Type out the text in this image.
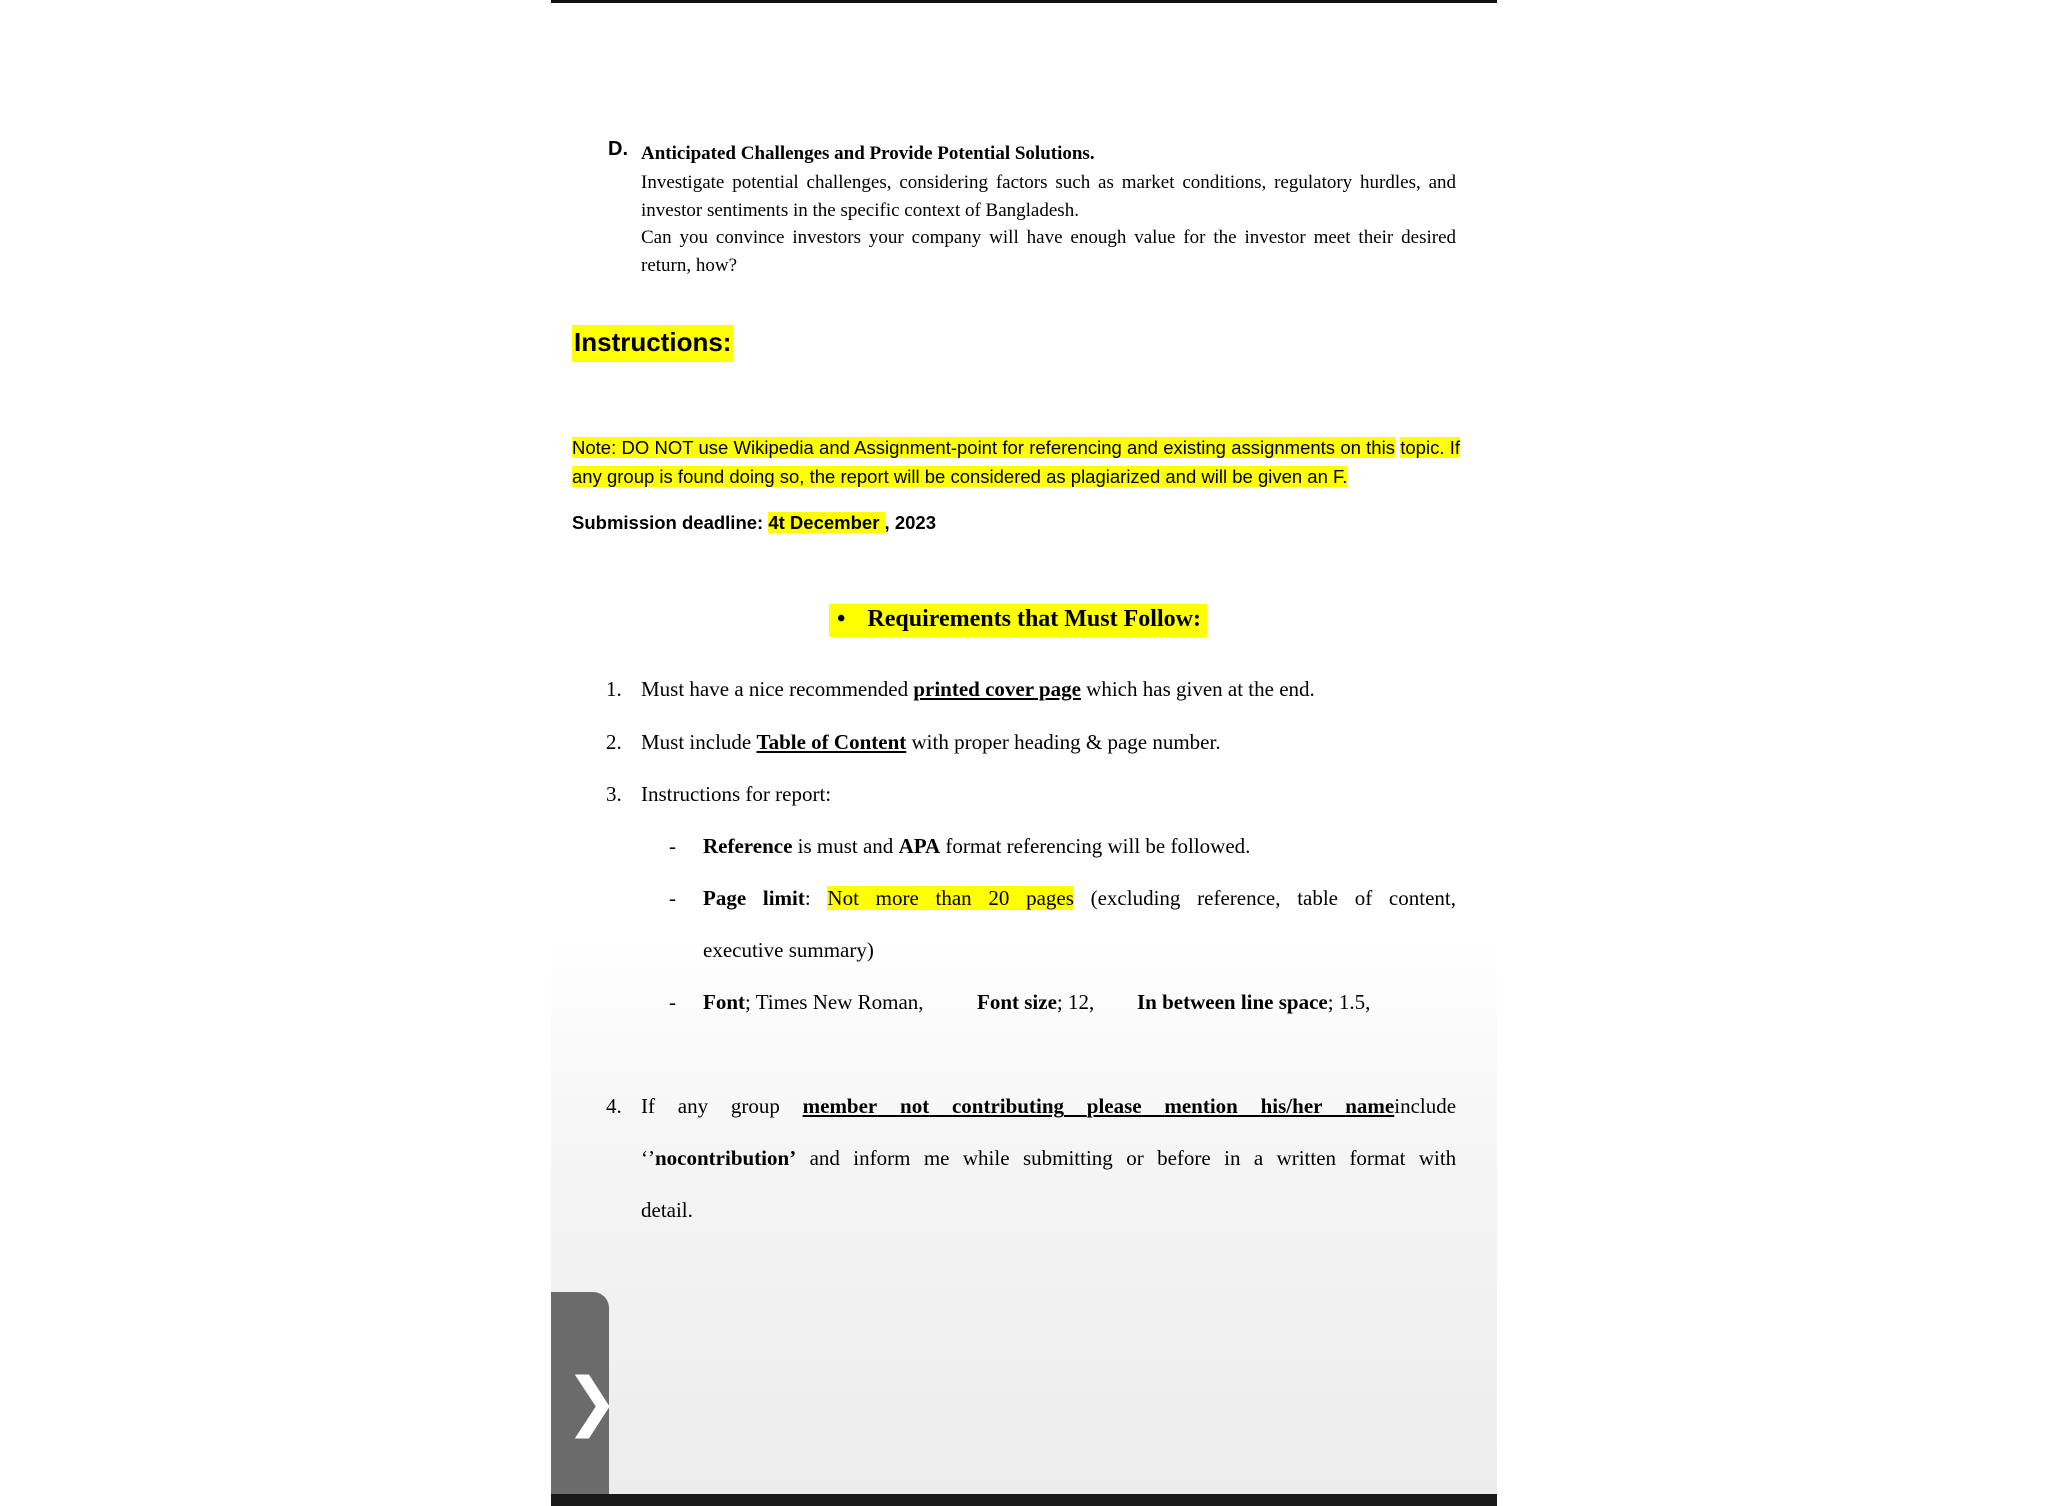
D. Anticipated Challenges and Provide Potential Solutions.

Investigate potential challenges, considering factors such as market conditions, regulatory hurdles, and investor sentiments in the specific context of Bangladesh.

Can you convince investors your company will have enough value for the investor meet their desired return, how?

Instructions:
Note: DO NOT use Wikipedia and Assignment-point for referencing and existing assignments on this topic. If any group is found doing so, the report will be considered as plagiarized and will be given an F.
Submission deadline: 4t December , 2023
• Requirements that Must Follow:
1. Must have a nice recommended printed cover page which has given at the end.
2. Must include Table of Content with proper heading & page number.
3. Instructions for report:
- Reference is must and APA format referencing will be followed.
- Page limit: Not more than 20 pages (excluding reference, table of content,
executive summary)
- Font; Times New Roman,	Font size; 12, In between line space; 1.5,
4. If any group member not contributing please mention his/her nameinclude
‘’nocontribution’ and inform me while submitting or before in a written format with
detail.
❯
